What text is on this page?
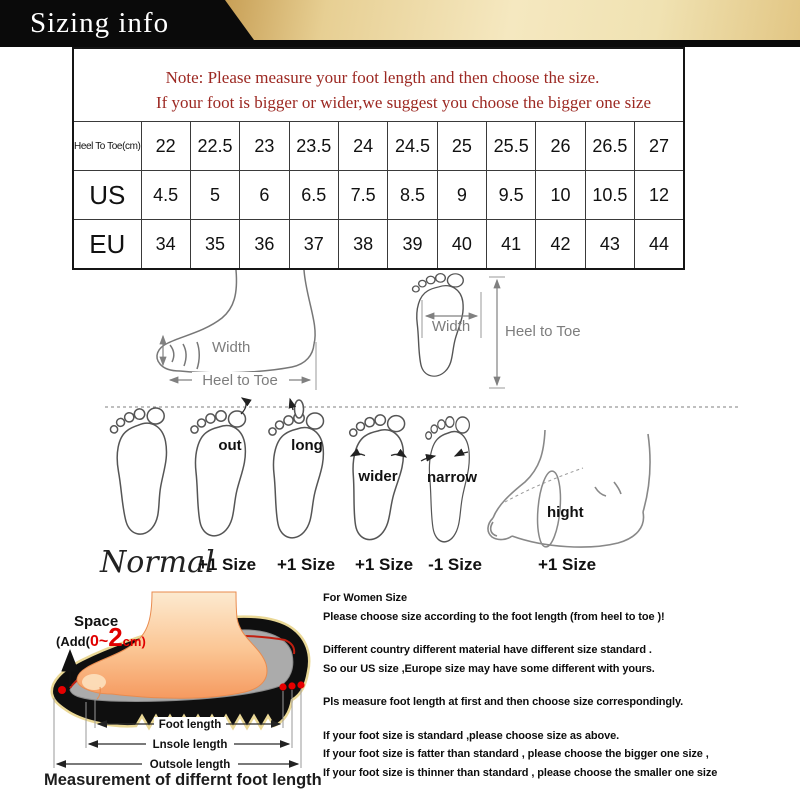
Sizing info
Note: Please measure your foot length and then choose the size.
If your foot is bigger or wider,we suggest you choose the bigger one size											

Heel To Toe(cm)	22	22.5	23	23.5	24	24.5	25	25.5	26	26.5	27
US	4.5	5	6	6.5	7.5	8.5	9	9.5	10	10.5	12
EU	34	35	36	37	38	39	40	41	42	43	44
Width
Heel to Toe
Width Heel to Toe
out	long
wider narrow
hight
Normal
+1 Size +1 Size +1 Size -1 Size	+1 Size
Space
(Add(0~2cm)
Foot length
Lnsole length
Outsole length

For Women Size
Please choose size according to the foot length (from heel to toe )!

Different country different material have different size standard .
So our US size ,Europe size may have some different with yours.

Pls measure foot length at first and then choose size correspondingly.

If your foot size is standard ,please choose size as above.
If your foot size is fatter than standard , please choose the bigger one size ,
If your foot size is thinner than standard , please choose the smaller one size

Measurement of differnt foot length
